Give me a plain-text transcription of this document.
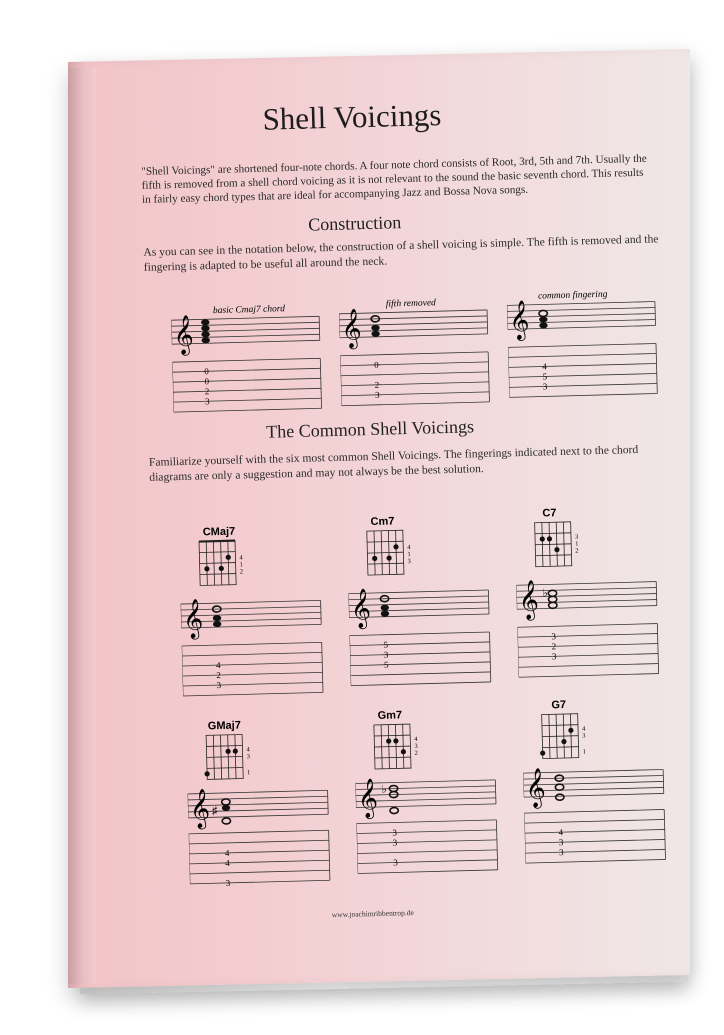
Shell Voicings
"Shell Voicings" are shortened four-note chords. A four note chord consists of Root, 3rd, 5th and 7th. Usually the fifth is removed from a shell chord voicing as it is not relevant to the sound the basic seventh chord. This results in fairly easy chord types that are ideal for accompanying Jazz and Bossa Nova songs.
Construction
As you can see in the notation below, the construction of a shell voicing is simple. The fifth is removed and the fingering is adapted to be useful all around the neck.
basic Cmaj7 chord
𝄞
0
0
2
3
fifth removed
𝄞
0
2
3
common fingering
𝄞
4
5
3
The Common Shell Voicings
Familiarize yourself with the six most common Shell Voicings. The fingerings indicated next to the chord diagrams are only a suggestion and may not always be the best solution.
CMaj7
4
1
2
𝄞
4
2
3
Cm7
4
1
3
𝄞
5
3
5
C7
3
1
2
𝄞 ♭
3
2
3
GMaj7
4
3
1
𝄞 ♯
4
4
3
Gm7
4
3
2
𝄞 ♭
3
3
3
G7
4
3
1
𝄞
4
3
3
www.joachimribbentrop.de
